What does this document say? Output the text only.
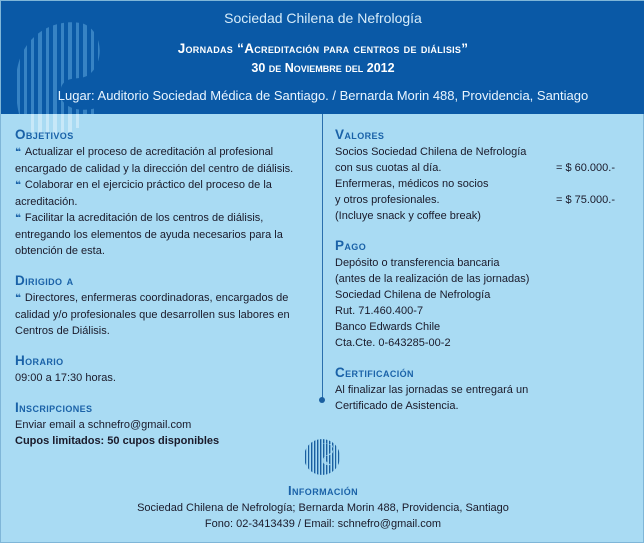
Sociedad Chilena de Nefrología
Jornadas “Acreditación para centros de diálisis”
30 de Noviembre del 2012
Lugar: Auditorio Sociedad Médica de Santiago. / Bernarda Morin 488, Providencia, Santiago
Objetivos
❝ Actualizar el proceso de acreditación al profesional encargado de calidad y la dirección del centro de diálisis.
❝ Colaborar en el ejercicio práctico del proceso de la acreditación.
❝ Facilitar la acreditación de los centros de diálisis, entregando los elementos de ayuda necesarios para la obtención de esta.
Dirigido a
❝ Directores, enfermeras coordinadoras, encargados de calidad y/o profesionales que desarrollen sus labores en Centros de Diálisis.
Horario
09:00 a 17:30 horas.
Inscripciones
Enviar email a schnefro@gmail.com
Cupos limitados: 50 cupos disponibles
Valores
Socios Sociedad Chilena de Nefrología
con sus cuotas al día.	= $ 60.000.-
Enfermeras, médicos no socios
y otros profesionales.	= $ 75.000.-
(Incluye snack y coffee break)
Pago
Depósito o transferencia bancaria
(antes de la realización de las jornadas)
Sociedad Chilena de Nefrología
Rut. 71.460.400-7
Banco Edwards Chile
Cta.Cte. 0-643285-00-2
Certificación
Al finalizar las jornadas se entregará un
Certificado de Asistencia.
Información
Sociedad Chilena de Nefrología; Bernarda Morin 488, Providencia, Santiago
Fono: 02-3413439 / Email: schnefro@gmail.com
